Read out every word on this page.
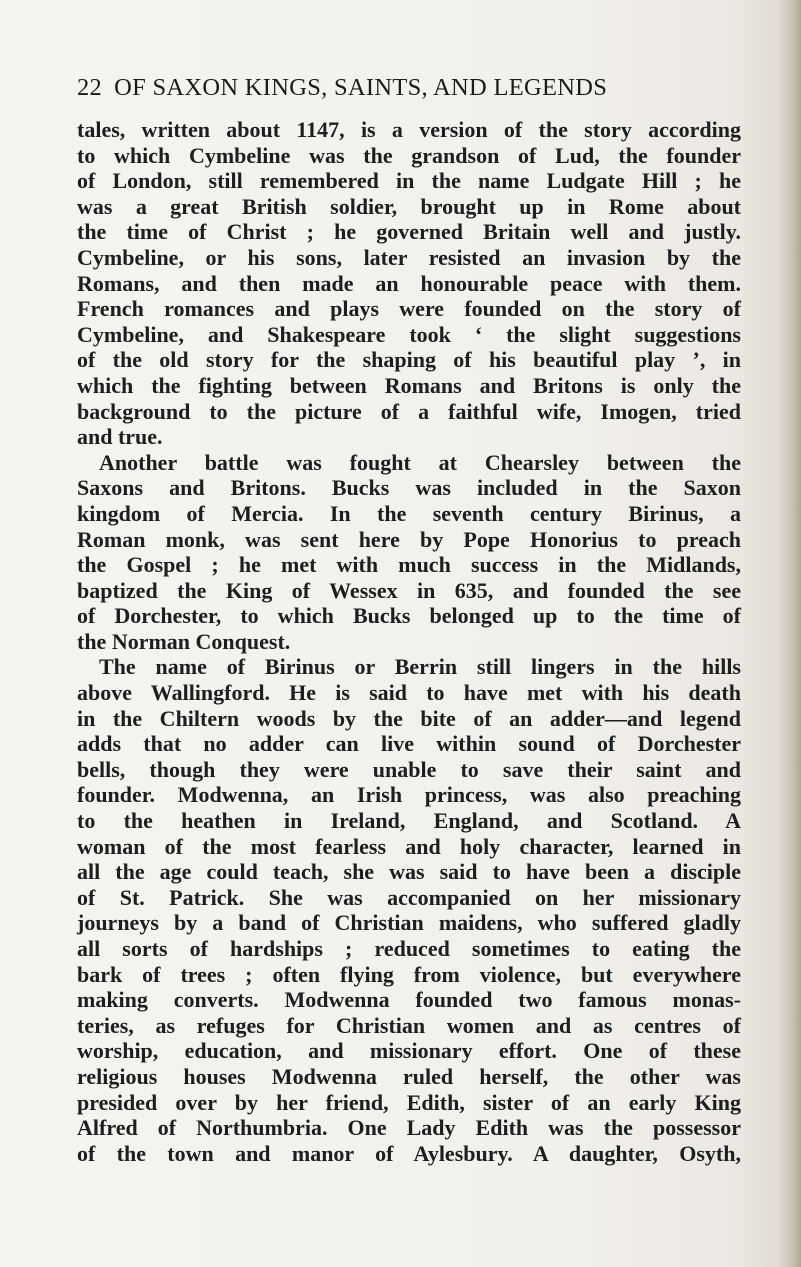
22 OF SAXON KINGS, SAINTS, AND LEGENDS
tales, written about 1147, is a version of the story according
to which Cymbeline was the grandson of Lud, the founder
of London, still remembered in the name Ludgate Hill ; he
was a great British soldier, brought up in Rome about
the time of Christ ; he governed Britain well and justly.
Cymbeline, or his sons, later resisted an invasion by the
Romans, and then made an honourable peace with them.
French romances and plays were founded on the story of
Cymbeline, and Shakespeare took ‘ the slight suggestions
of the old story for the shaping of his beautiful play ’, in
which the fighting between Romans and Britons is only the
background to the picture of a faithful wife, Imogen, tried
and true.
Another battle was fought at Chearsley between the
Saxons and Britons. Bucks was included in the Saxon
kingdom of Mercia. In the seventh century Birinus, a
Roman monk, was sent here by Pope Honorius to preach
the Gospel ; he met with much success in the Midlands,
baptized the King of Wessex in 635, and founded the see
of Dorchester, to which Bucks belonged up to the time of
the Norman Conquest.
The name of Birinus or Berrin still lingers in the hills
above Wallingford. He is said to have met with his death
in the Chiltern woods by the bite of an adder—and legend
adds that no adder can live within sound of Dorchester
bells, though they were unable to save their saint and
founder. Modwenna, an Irish princess, was also preaching
to the heathen in Ireland, England, and Scotland. A
woman of the most fearless and holy character, learned in
all the age could teach, she was said to have been a disciple
of St. Patrick. She was accompanied on her missionary
journeys by a band of Christian maidens, who suffered gladly
all sorts of hardships ; reduced sometimes to eating the
bark of trees ; often flying from violence, but everywhere
making converts. Modwenna founded two famous monas-
teries, as refuges for Christian women and as centres of
worship, education, and missionary effort. One of these
religious houses Modwenna ruled herself, the other was
presided over by her friend, Edith, sister of an early King
Alfred of Northumbria. One Lady Edith was the possessor
of the town and manor of Aylesbury. A daughter, Osyth,
